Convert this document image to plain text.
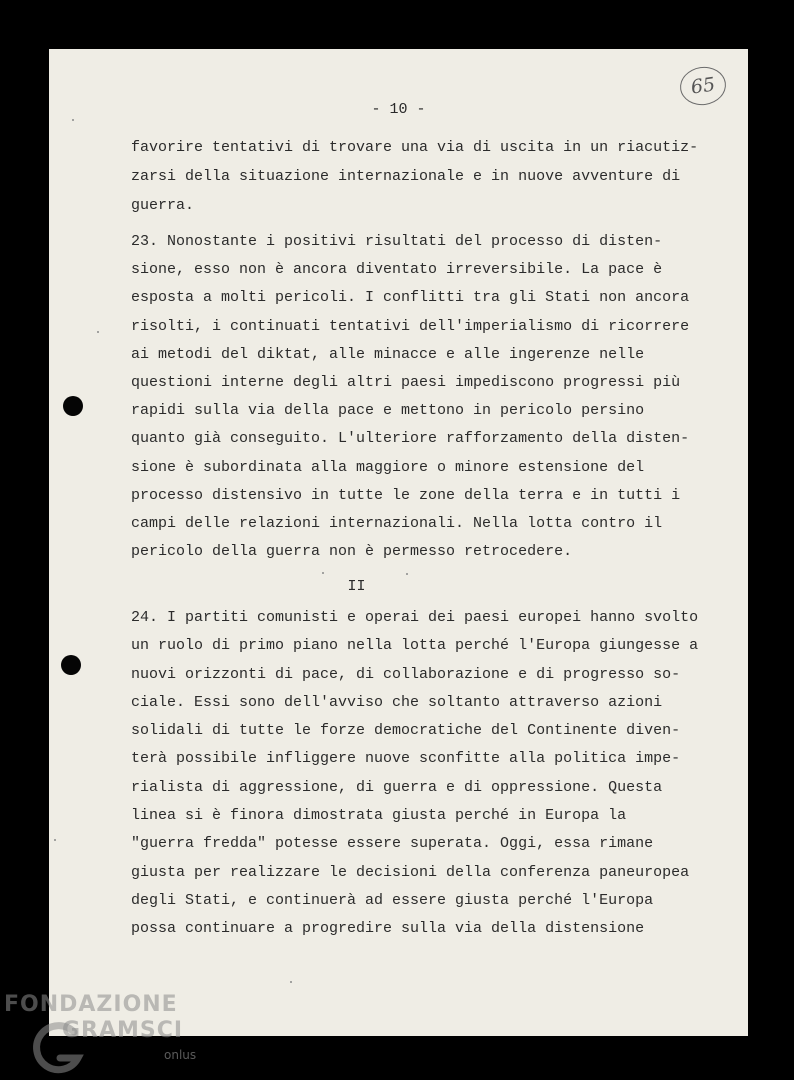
- 10 -

65

favorire tentativi di trovare una via di uscita in un riacutiz-

zarsi della situazione internazionale e in nuove avventure di

guerra.

23. Nonostante i positivi risultati del processo di disten-

sione, esso non è ancora diventato irreversibile. La pace è

esposta a molti pericoli. I conflitti tra gli Stati non ancora

risolti, i continuati tentativi dell'imperialismo di ricorrere

ai metodi del diktat, alle minacce e alle ingerenze nelle

questioni interne degli altri paesi impediscono progressi più

rapidi sulla via della pace e mettono in pericolo persino

quanto già conseguito. L'ulteriore rafforzamento della disten-

sione è subordinata alla maggiore o minore estensione del

processo distensivo in tutte le zone della terra e in tutti i

campi delle relazioni internazionali. Nella lotta contro il

pericolo della guerra non è permesso retrocedere.

II

24. I partiti comunisti e operai dei paesi europei hanno svolto

un ruolo di primo piano nella lotta perché l'Europa giungesse a

nuovi orizzonti di pace, di collaborazione e di progresso so-

ciale. Essi sono dell'avviso che soltanto attraverso azioni

solidali di tutte le forze democratiche del Continente diven-

terà possibile infliggere nuove sconfitte alla politica impe-

rialista di aggressione, di guerra e di oppressione. Questa

linea si è finora dimostrata giusta perché in Europa la

"guerra fredda" potesse essere superata. Oggi, essa rimane

giusta per realizzare le decisioni della conferenza paneuropea

degli Stati, e continuerà ad essere giusta perché l'Europa

possa continuare a progredire sulla via della distensione

FONDAZIONE
GRAMSCI
onlus
